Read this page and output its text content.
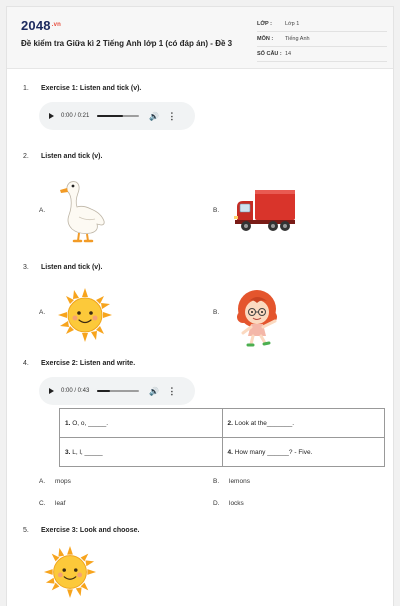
$2048^{.vn}$
Đề kiểm tra Giữa kì 2 Tiếng Anh lớp 1 (có đáp án) - Đề 3
LỚP :	Lớp 1
MÔN :	Tiếng Anh
SỐ CÂU : 14
1. Exercise 1: Listen and tick (v).
0:00 / 0:21	🔊 ⋮
2. Listen and tick (v).
A.	B.
3. Listen and tick (v).
A.	B.
4. Exercise 2: Listen and write.
0:00 / 0:43	🔊 ⋮
1. O, o, _____.	2. Look at the_______.
3. L, l, _____	4. How many ______? - Five.
A. mops	B. lemons
C. leaf	D. locks
5. Exercise 3: Look and choose.
